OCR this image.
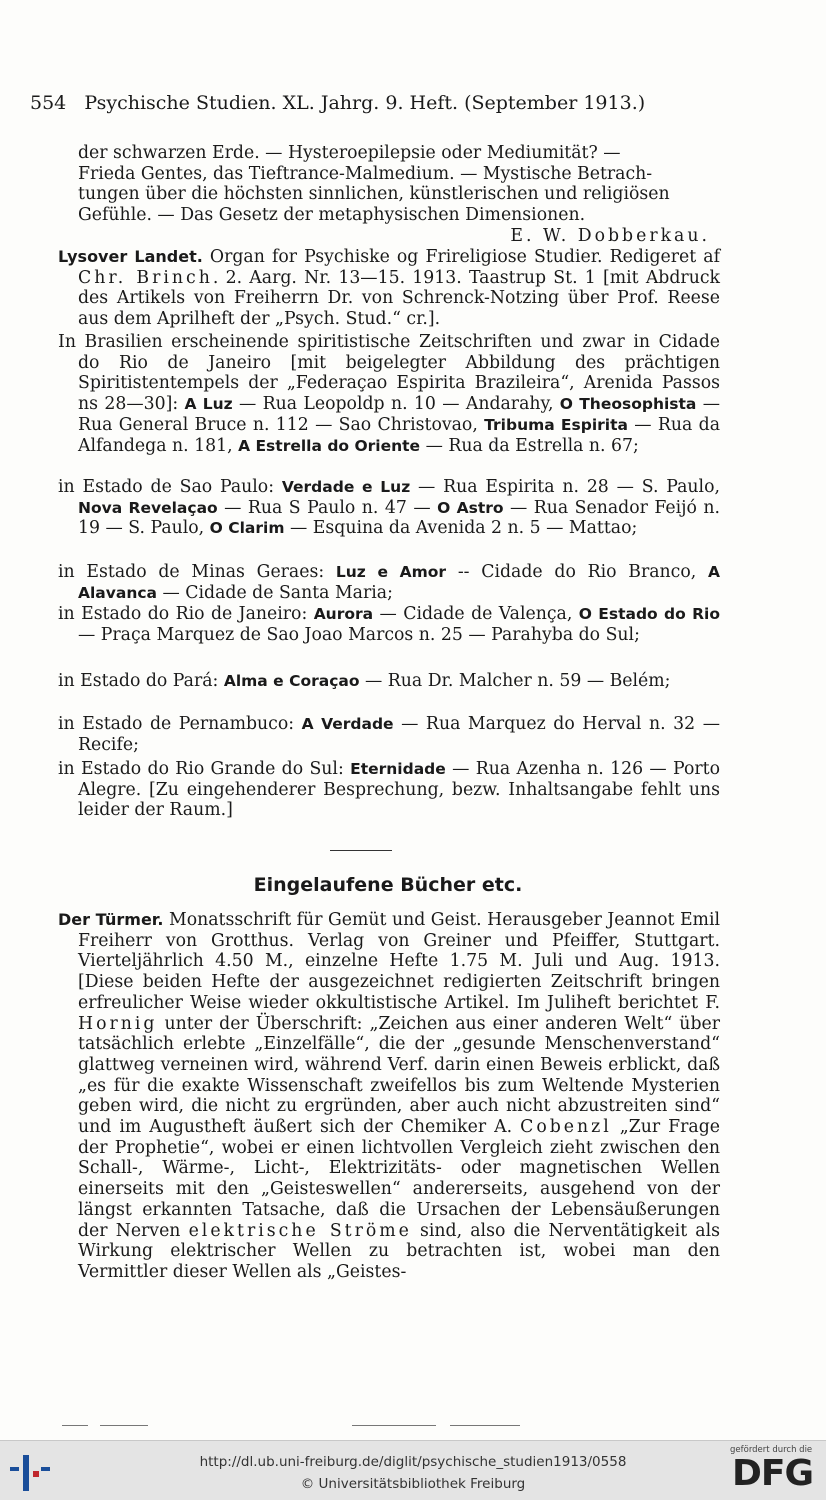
554 Psychische Studien. XL. Jahrg. 9. Heft. (September 1913.)
der schwarzen Erde. — Hysteroepilepsie oder Mediumität? —
Frieda Gentes, das Tieftrance-Malmedium. — Mystische Betrach-
tungen über die höchsten sinnlichen, künstlerischen und religiösen
Gefühle. — Das Gesetz der metaphysischen Dimensionen.
E. W. Dobberkau.

Lysover Landet. Organ for Psychiske og Frireligiose Studier. Redigeret af Chr. Brinch. 2. Aarg. Nr. 13—15. 1913. Taastrup St. 1 [mit Abdruck des Artikels von Freiherrn Dr. von Schrenck-Notzing über Prof. Reese aus dem Aprilheft der „Psych. Stud.“ cr.].

In Brasilien erscheinende spiritistische Zeitschriften und zwar in Cidade do Rio de Janeiro [mit beigelegter Abbildung des prächtigen Spiritistentempels der „Federaçao Espirita Brazileira“, Arenida Passos ns 28—30]: A Luz — Rua Leopoldp n. 10 — Andarahy, O Theosophista — Rua General Bruce n. 112 — Sao Christovao, Tribuma Espirita — Rua da Alfandega n. 181, A Estrella do Oriente — Rua da Estrella n. 67;

in Estado de Sao Paulo: Verdade e Luz — Rua Espirita n. 28 — S. Paulo, Nova Revelaçao — Rua S Paulo n. 47 — O Astro — Rua Senador Feijó n. 19 — S. Paulo, O Clarim — Esquina da Avenida 2 n. 5 — Mattao;

in Estado de Minas Geraes: Luz e Amor -- Cidade do Rio Branco, A Alavanca — Cidade de Santa Maria;

in Estado do Rio de Janeiro: Aurora — Cidade de Valença, O Estado do Rio — Praça Marquez de Sao Joao Marcos n. 25 — Parahyba do Sul;

in Estado do Pará: Alma e Coraçao — Rua Dr. Malcher n. 59 — Belém;

in Estado de Pernambuco: A Verdade — Rua Marquez do Herval n. 32 — Recife;

in Estado do Rio Grande do Sul: Eternidade — Rua Azenha n. 126 — Porto Alegre. [Zu eingehenderer Besprechung, bezw. Inhaltsangabe fehlt uns leider der Raum.]

Eingelaufene Bücher etc.

Der Türmer. Monatsschrift für Gemüt und Geist. Herausgeber Jeannot Emil Freiherr von Grotthus. Verlag von Greiner und Pfeiffer, Stuttgart. Vierteljährlich 4.50 M., einzelne Hefte 1.75 M. Juli und Aug. 1913. [Diese beiden Hefte der ausgezeichnet redigierten Zeitschrift bringen erfreulicher Weise wieder okkultistische Artikel. Im Juliheft berichtet F. Hornig unter der Überschrift: „Zeichen aus einer anderen Welt“ über tatsächlich erlebte „Einzelfälle“, die der „gesunde Menschenverstand“ glattweg verneinen wird, während Verf. darin einen Beweis erblickt, daß „es für die exakte Wissenschaft zweifellos bis zum Weltende Mysterien geben wird, die nicht zu ergründen, aber auch nicht abzustreiten sind“ und im Augustheft äußert sich der Chemiker A. Cobenzl „Zur Frage der Prophetie“, wobei er einen lichtvollen Vergleich zieht zwischen den Schall-, Wärme-, Licht-, Elektrizitäts- oder magnetischen Wellen einerseits mit den „Geisteswellen“ andererseits, ausgehend von der längst erkannten Tatsache, daß die Ursachen der Lebensäußerungen der Nerven elektrische Ströme sind, also die Nerventätigkeit als Wirkung elektrischer Wellen zu betrachten ist, wobei man den Vermittler dieser Wellen als „Geistes-

http://dl.ub.uni-freiburg.de/diglit/psychische_studien1913/0558
© Universitätsbibliothek Freiburg
gefördert durch die
DFG
